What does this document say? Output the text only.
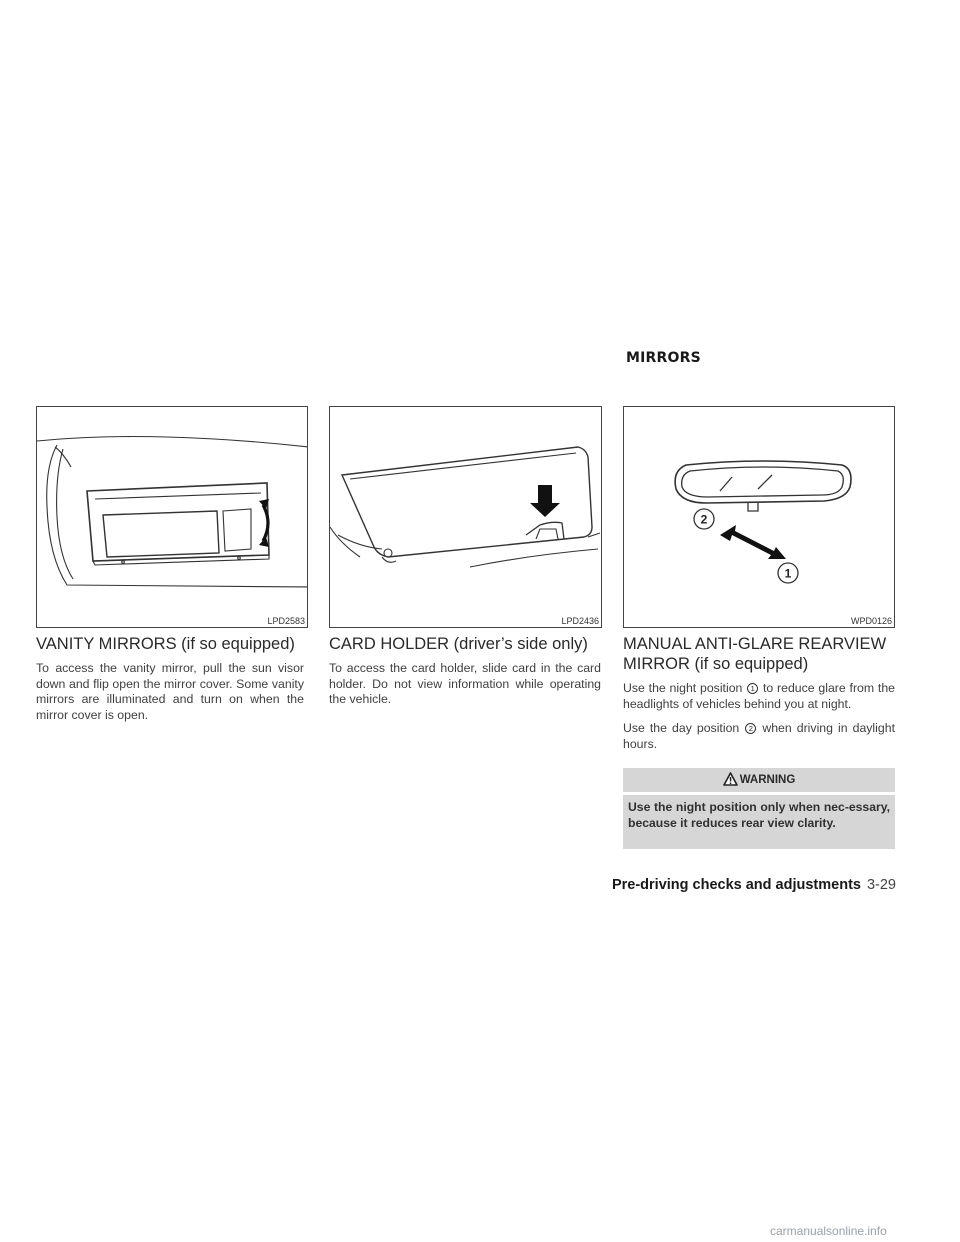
MIRRORS
LPD2583	LPD2436
2
1
WPD0126
VANITY MIRRORS (if so equipped)

To access the vanity mirror, pull the sun visor down and flip open the mirror cover. Some vanity mirrors are illuminated and turn on when the mirror cover is open.

CARD HOLDER (driver’s side only)

To access the card holder, slide card in the card holder. Do not view information while operating the vehicle.

MANUAL ANTI-GLARE REARVIEW
MIRROR (if so equipped)

Use the night position 1 to reduce glare from the headlights of vehicles behind you at night.

Use the day position 2 when driving in daylight hours.

WARNING
Use the night position only when nec-essary, because it reduces rear view clarity.
Pre-driving checks and adjustments 3-29
carmanualsonline.info
